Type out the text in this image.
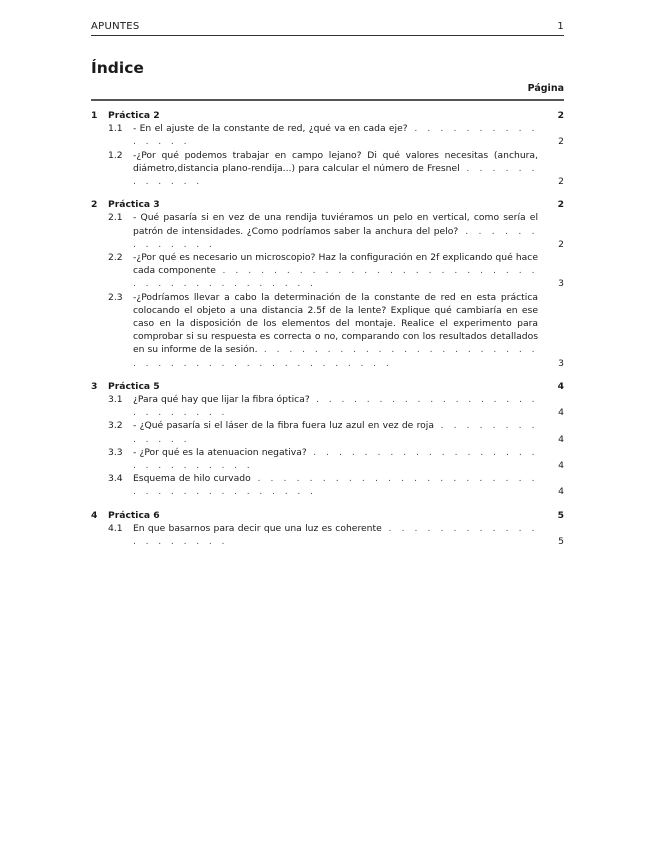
APUNTES	1
Índice
Página
1 Práctica 2	2
1.1 - En el ajuste de la constante de red, ¿qué va en cada eje? . . . . . . . . . . . . . . .	2
1.2 -¿Por qué podemos trabajar en campo lejano? Di qué valores necesitas (anchura, diámetro,distancia plano-rendija...) para calcular el número de Fresnel . . . . . . . . . . . .	2
2 Práctica 3	2
2.1 - Qué pasaría si en vez de una rendija tuviéramos un pelo en vertical, como sería el patrón de intensidades. ¿Como podríamos saber la anchura del pelo? . . . . . . . . . . . . .	2
2.2 -¿Por qué es necesario un microscopio? Haz la configuración en 2f explicando qué hace cada componente . . . . . . . . . . . . . . . . . . . . . . . . . . . . . . . . . . . . . . . .	3
2.3 -¿Podríamos llevar a cabo la determinación de la constante de red en esta práctica colocando el objeto a una distancia 2.5f de la lente? Explique qué cambiaría en ese caso en la disposición de los elementos del montaje. Realice el experimento para comprobar si su respuesta es correcta o no, comparando con los resultados detallados en su informe de la sesión. . . . . . . . . . . . . . . . . . . . . . . . . . . . . . . . . . . . . . . . . . . .	3
3 Práctica 5	4
3.1 ¿Para qué hay que lijar la fibra óptica? . . . . . . . . . . . . . . . . . . . . . . . . . .	4
3.2 - ¿Qué pasaría si el láser de la fibra fuera luz azul en vez de roja . . . . . . . . . . . . .	4
3.3 - ¿Por qué es la atenuacion negativa? . . . . . . . . . . . . . . . . . . . . . . . . . . . .	4
3.4 Esquema de hilo curvado . . . . . . . . . . . . . . . . . . . . . . . . . . . . . . . . . . . . .	4
4 Práctica 6	5
4.1 En que basarnos para decir que una luz es coherente . . . . . . . . . . . . . . . . . . . .	5
